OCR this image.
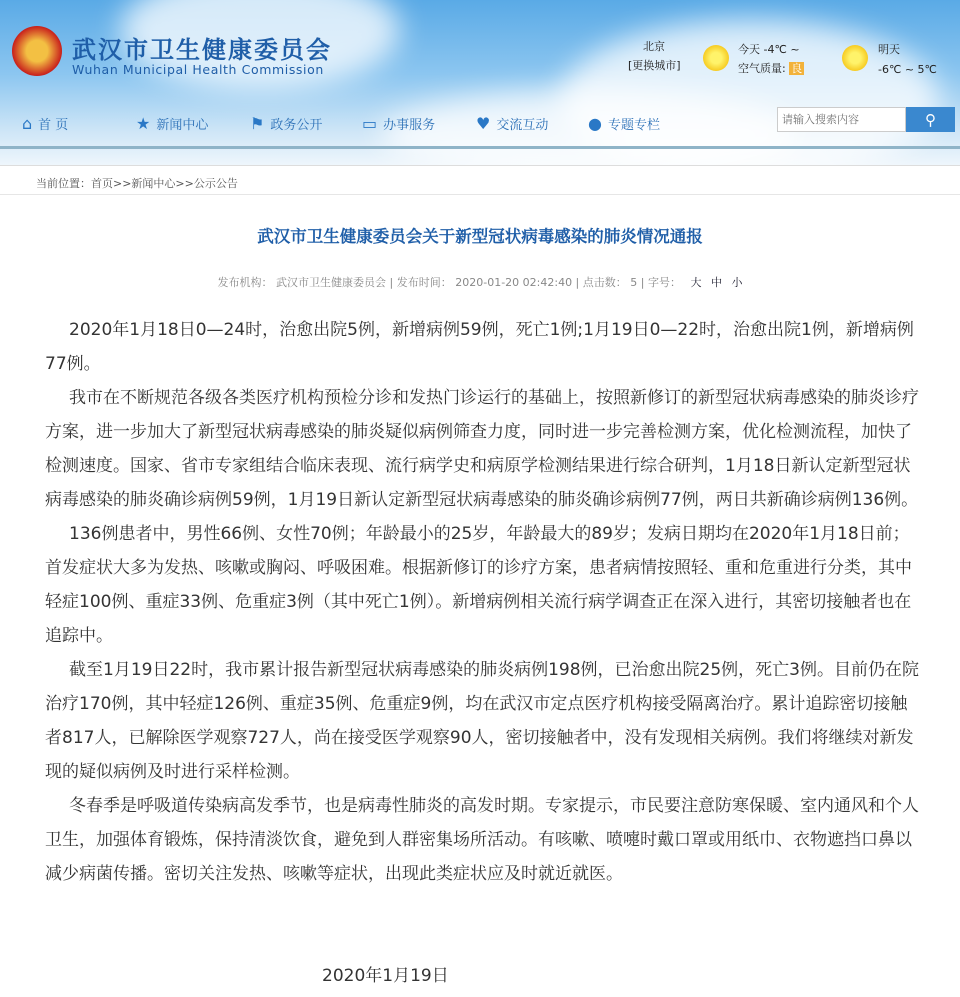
武汉市卫生健康委员会
Wuhan Municipal Health Commission
北京
[更换城市]
今天 -4℃ ~
空气质量: 良
明天
-6℃ ~ 5℃
⌂ 首 页	★ 新闻中心	⚑ 政务公开 ▭ 办事服务	♥ 交流互动 ● 专题专栏
请输入搜索内容	⚲
当前位置：首页>>新闻中心>>公示公告
武汉市卫生健康委员会关于新型冠状病毒感染的肺炎情况通报
发布机构： 武汉市卫生健康委员会 | 发布时间： 2020-01-20 02:42:40 | 点击数： 5 | 字号： 大 中 小

2020年1月18日0—24时，治愈出院5例，新增病例59例，死亡1例;1月19日0—22时，治愈出院1例，新增病例77例。

我市在不断规范各级各类医疗机构预检分诊和发热门诊运行的基础上，按照新修订的新型冠状病毒感染的肺炎诊疗方案，进一步加大了新型冠状病毒感染的肺炎疑似病例筛查力度，同时进一步完善检测方案，优化检测流程，加快了检测速度。国家、省市专家组结合临床表现、流行病学史和病原学检测结果进行综合研判，1月18日新认定新型冠状病毒感染的肺炎确诊病例59例，1月19日新认定新型冠状病毒感染的肺炎确诊病例77例，两日共新确诊病例136例。

136例患者中，男性66例、女性70例；年龄最小的25岁，年龄最大的89岁；发病日期均在2020年1月18日前；首发症状大多为发热、咳嗽或胸闷、呼吸困难。根据新修订的诊疗方案，患者病情按照轻、重和危重进行分类，其中轻症100例、重症33例、危重症3例（其中死亡1例）。新增病例相关流行病学调查正在深入进行，其密切接触者也在追踪中。

截至1月19日22时，我市累计报告新型冠状病毒感染的肺炎病例198例，已治愈出院25例，死亡3例。目前仍在院治疗170例，其中轻症126例、重症35例、危重症9例，均在武汉市定点医疗机构接受隔离治疗。累计追踪密切接触者817人，已解除医学观察727人，尚在接受医学观察90人，密切接触者中，没有发现相关病例。我们将继续对新发现的疑似病例及时进行采样检测。

冬春季是呼吸道传染病高发季节，也是病毒性肺炎的高发时期。专家提示，市民要注意防寒保暖、室内通风和个人卫生，加强体育锻炼，保持清淡饮食，避免到人群密集场所活动。有咳嗽、喷嚏时戴口罩或用纸巾、衣物遮挡口鼻以减少病菌传播。密切关注发热、咳嗽等症状，出现此类症状应及时就近就医。

2020年1月19日
